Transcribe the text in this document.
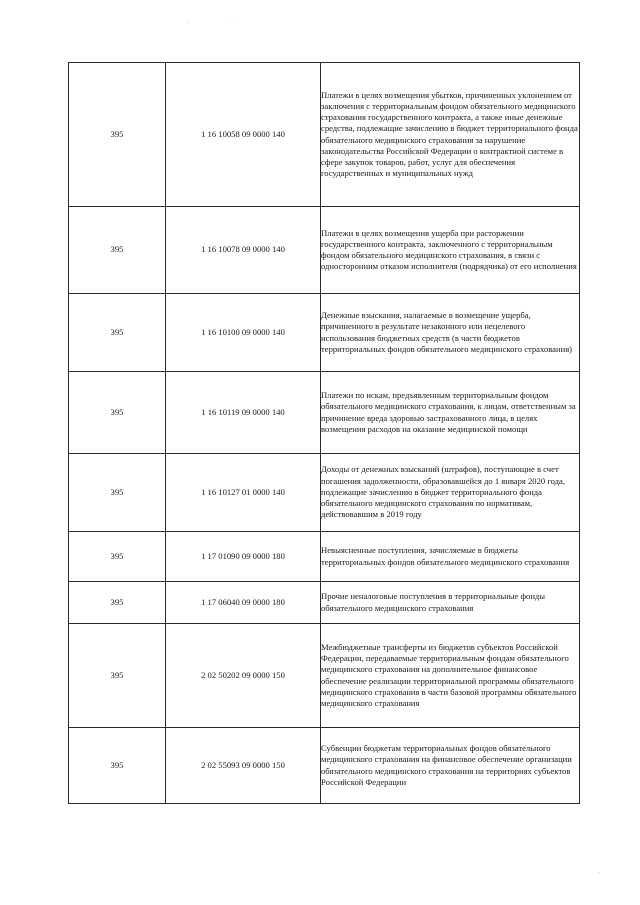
·	·
·
395	1 16 10058 09 0000 140	Платежи в целях возмещения убытков, причиненных уклонением от заключения с территориальным фондом обязательного медицинского страхования государственного контракта, а также иные денежные средства, подлежащие зачислению в бюджет территориального фонда обязательного медицинского страхования за нарушение законодательства Российской Федерации о контрактной системе в сфере закупок товаров, работ, услуг для обеспечения государственных и муниципальных нужд
395	1 16 10078 09 0000 140	Платежи в целях возмещения ущерба при расторжении государственного контракта, заключенного с территориальным фондом обязательного медицинского страхования, в связи с односторонним отказом исполнителя (подрядчика) от его исполнения
395	1 16 10100 09 0000 140	Денежные взыскания, налагаемые в возмещение ущерба, причиненного в результате незаконного или нецелевого использования бюджетных средств (в части бюджетов территориальных фондов обязательного медицинского страхования)
395	1 16 10119 09 0000 140	Платежи по искам, предъявленным территориальным фондом обязательного медицинского страхования, к лицам, ответственным за причинение вреда здоровью застрахованного лица, в целях возмещения расходов на оказание медицинской помощи
395	1 16 10127 01 0000 140	Доходы от денежных взысканий (штрафов), поступающие в счет погашения задолженности, образовавшейся до 1 января 2020 года, подлежащие зачислению в бюджет территориального фонда обязательного медицинского страхования по нормативам, действовавшим в 2019 году
395	1 17 01090 09 0000 180	Невыясненные поступления, зачисляемые в бюджеты территориальных фондов обязательного медицинского страхования
395	1 17 06040 09 0000 180	Прочие неналоговые поступления в территориальные фонды обязательного медицинского страхования
395	2 02 50202 09 0000 150	Межбюджетные трансферты из бюджетов субъектов Российской Федерации, передаваемые территориальным фондам обязательного медицинского страхования на дополнительное финансовое обеспечение реализации территориальной программы обязательного медицинского страхования в части базовой программы обязательного медицинского страхования
395	2 02 55093 09 0000 150	Субвенции бюджетам территориальных фондов обязательного медицинского страхования на финансовое обеспечение организации обязательного медицинского страхования на территориях субъектов Российской Федерации
